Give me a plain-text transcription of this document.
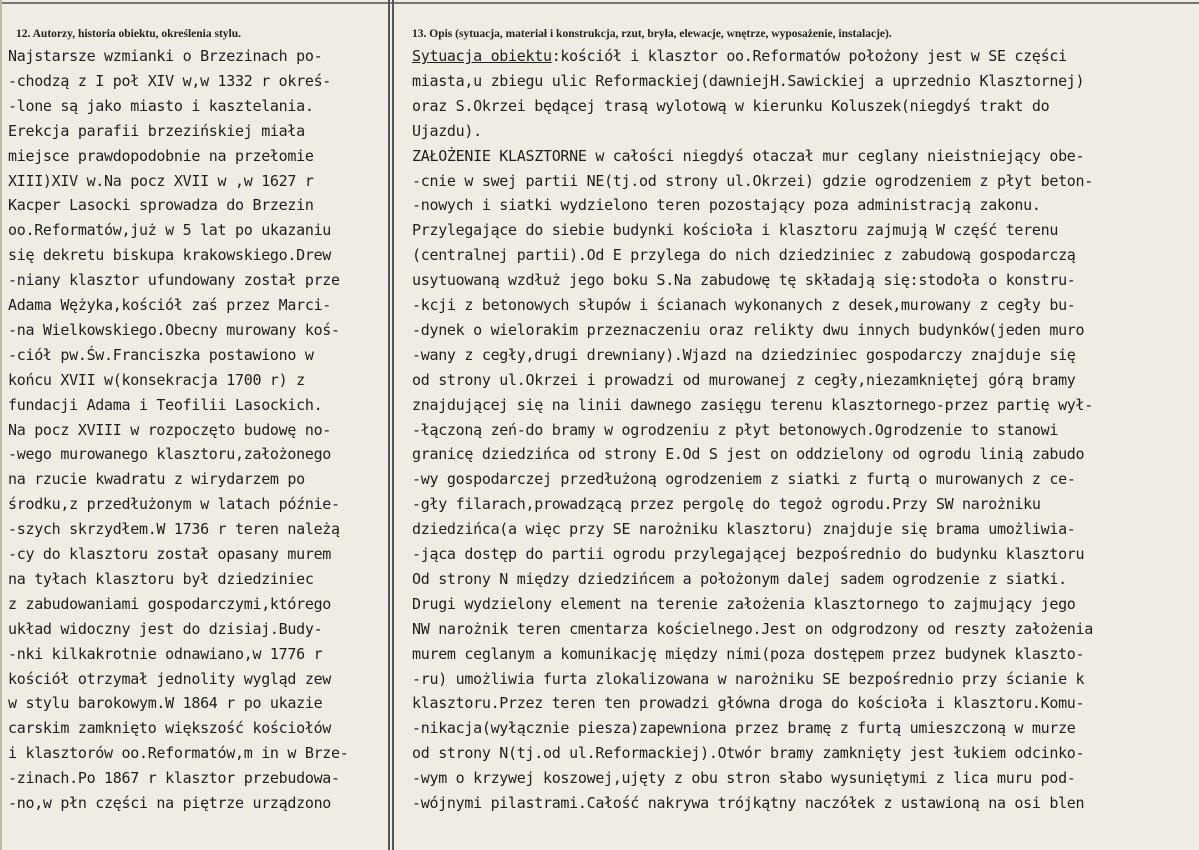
12. Autorzy, historia obiektu, określenia stylu.	13. Opis (sytuacja, materiał i konstrukcja, rzut, bryła, elewacje, wnętrze, wyposażenie, instalacje).
Najstarsze wzmianki o Brzezinach po-
-chodzą z I poł XIV w,w 1332 r okreś-
-lone są jako miasto i kasztelania.
Erekcja parafii brzezińskiej miała
miejsce prawdopodobnie na przełomie
XIII)XIV w.Na pocz XVII w ,w 1627 r
Kacper Lasocki sprowadza do Brzezin
oo.Reformatów,już w 5 lat po ukazaniu
się dekretu biskupa krakowskiego.Drew
-niany klasztor ufundowany został prze
Adama Wężyka,kościół zaś przez Marci-
-na Wielkowskiego.Obecny murowany koś-
-ciół pw.Św.Franciszka postawiono w
końcu XVII w(konsekracja 1700 r) z
fundacji Adama i Teofilii Lasockich.
Na pocz XVIII w rozpoczęto budowę no-
-wego murowanego klasztoru,założonego
na rzucie kwadratu z wirydarzem po
środku,z przedłużonym w latach późnie-
-szych skrzydłem.W 1736 r teren należą
-cy do klasztoru został opasany murem
na tyłach klasztoru był dziedziniec
z zabudowaniami gospodarczymi,którego
układ widoczny jest do dzisiaj.Budy-
-nki kilkakrotnie odnawiano,w 1776 r
kościół otrzymał jednolity wygląd zew
w stylu barokowym.W 1864 r po ukazie
carskim zamknięto większość kościołów
i klasztorów oo.Reformatów,m in w Brze-
-zinach.Po 1867 r klasztor przebudowa-
-no,w płn części na piętrze urządzono
Sytuacja obiektu:kościół i klasztor oo.Reformatów położony jest w SE części
miasta,u zbiegu ulic Reformackiej(dawniejH.Sawickiej a uprzednio Klasztornej)
oraz S.Okrzei będącej trasą wylotową w kierunku Koluszek(niegdyś trakt do
Ujazdu).
ZAŁOŻENIE KLASZTORNE w całości niegdyś otaczał mur ceglany nieistniejący obe-
-cnie w swej partii NE(tj.od strony ul.Okrzei) gdzie ogrodzeniem z płyt beton-
-nowych i siatki wydzielono teren pozostający poza administracją zakonu.
Przylegające do siebie budynki kościoła i klasztoru zajmują W część terenu
(centralnej partii).Od E przylega do nich dziedziniec z zabudową gospodarczą
usytuowaną wzdłuż jego boku S.Na zabudowę tę składają się:stodoła o konstru-
-kcji z betonowych słupów i ścianach wykonanych z desek,murowany z cegły bu-
-dynek o wielorakim przeznaczeniu oraz relikty dwu innych budynków(jeden muro
-wany z cegły,drugi drewniany).Wjazd na dziedziniec gospodarczy znajduje się
od strony ul.Okrzei i prowadzi od murowanej z cegły,niezamkniętej górą bramy
znajdującej się na linii dawnego zasięgu terenu klasztornego-przez partię wył-
-łączoną zeń-do bramy w ogrodzeniu z płyt betonowych.Ogrodzenie to stanowi
granicę dziedzińca od strony E.Od S jest on oddzielony od ogrodu linią zabudo
-wy gospodarczej przedłużoną ogrodzeniem z siatki z furtą o murowanych z ce-
-gły filarach,prowadzącą przez pergolę do tegoż ogrodu.Przy SW narożniku
dziedzińca(a więc przy SE narożniku klasztoru) znajduje się brama umożliwia-
-jąca dostęp do partii ogrodu przylegającej bezpośrednio do budynku klasztoru
Od strony N między dziedzińcem a położonym dalej sadem ogrodzenie z siatki.
Drugi wydzielony element na terenie założenia klasztornego to zajmujący jego
NW narożnik teren cmentarza kościelnego.Jest on odgrodzony od reszty założenia
murem ceglanym a komunikację między nimi(poza dostępem przez budynek klaszto-
-ru) umożliwia furta zlokalizowana w narożniku SE bezpośrednio przy ścianie k
klasztoru.Przez teren ten prowadzi główna droga do kościoła i klasztoru.Komu-
-nikacja(wyłącznie piesza)zapewniona przez bramę z furtą umieszczoną w murze
od strony N(tj.od ul.Reformackiej).Otwór bramy zamknięty jest łukiem odcinko-
-wym o krzywej koszowej,ujęty z obu stron słabo wysuniętymi z lica muru pod-
-wójnymi pilastrami.Całość nakrywa trójkątny naczółek z ustawioną na osi blen
